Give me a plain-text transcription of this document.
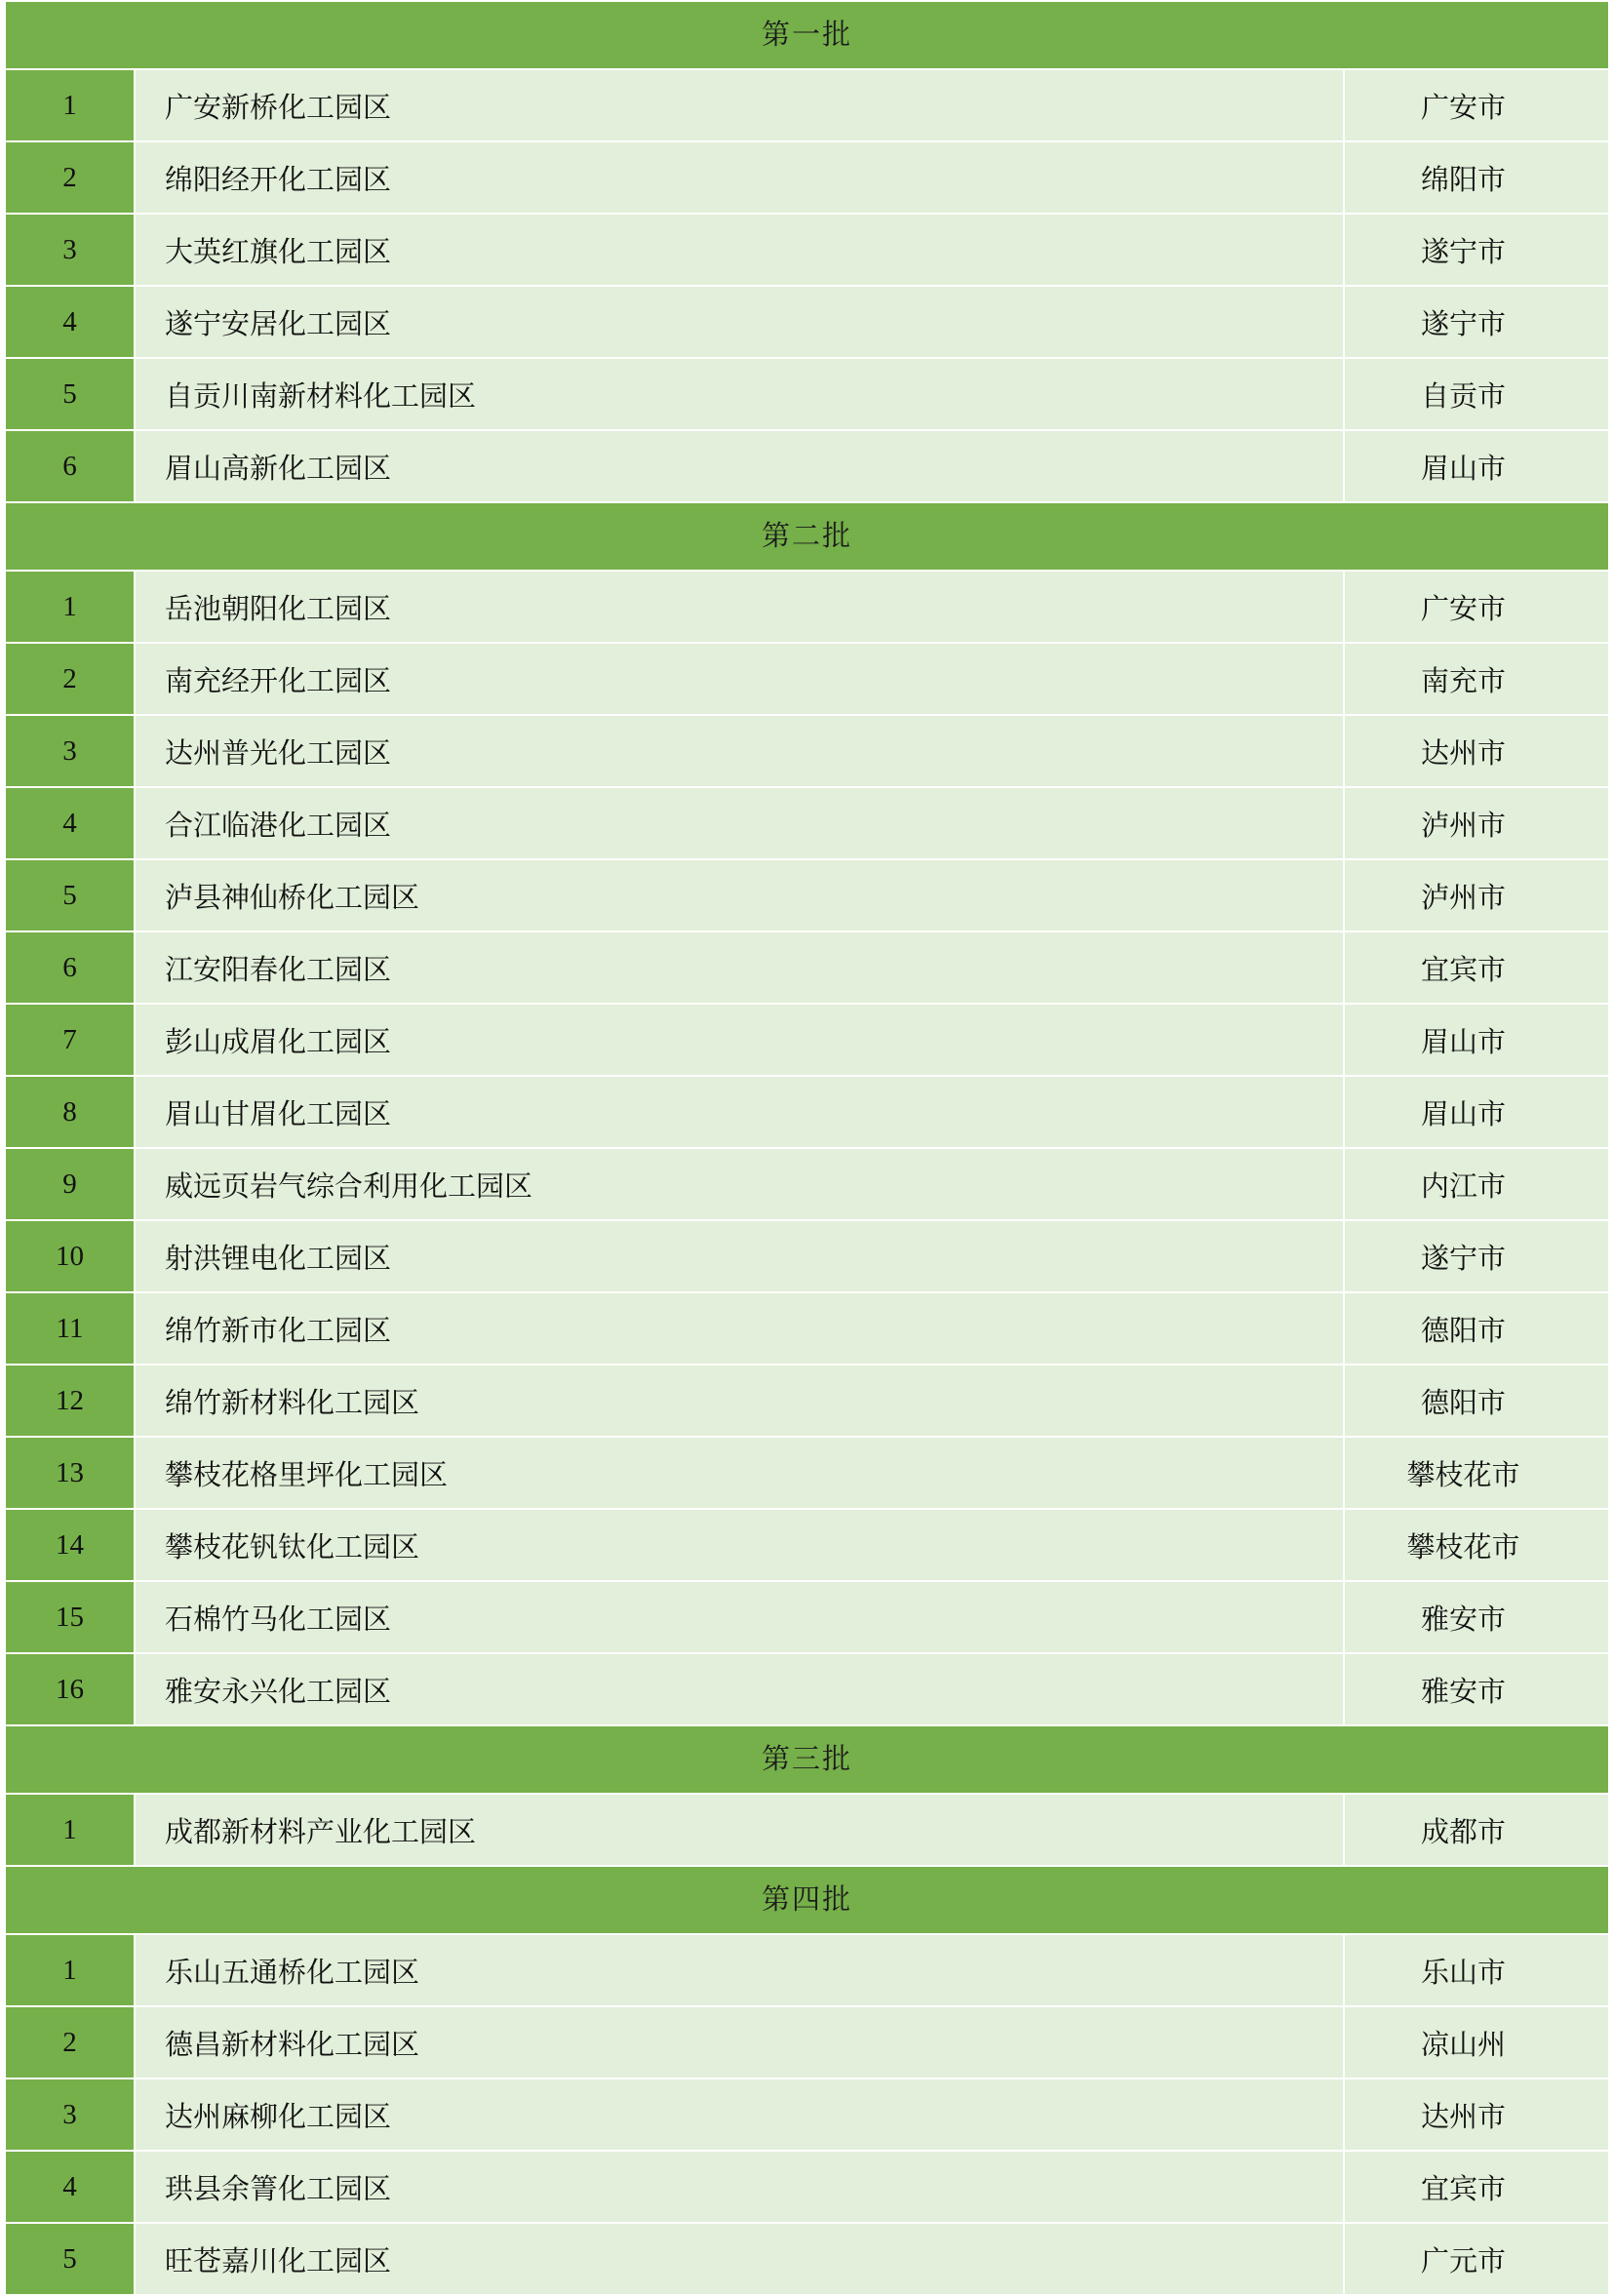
第一批		
1	广安新桥化工园区	广安市
2	绵阳经开化工园区	绵阳市
3	大英红旗化工园区	遂宁市
4	遂宁安居化工园区	遂宁市
5	自贡川南新材料化工园区	自贡市
6	眉山高新化工园区	眉山市
第二批		
1	岳池朝阳化工园区	广安市
2	南充经开化工园区	南充市
3	达州普光化工园区	达州市
4	合江临港化工园区	泸州市
5	泸县神仙桥化工园区	泸州市
6	江安阳春化工园区	宜宾市
7	彭山成眉化工园区	眉山市
8	眉山甘眉化工园区	眉山市
9	威远页岩气综合利用化工园区	内江市
10	射洪锂电化工园区	遂宁市
11	绵竹新市化工园区	德阳市
12	绵竹新材料化工园区	德阳市
13	攀枝花格里坪化工园区	攀枝花市
14	攀枝花钒钛化工园区	攀枝花市
15	石棉竹马化工园区	雅安市
16	雅安永兴化工园区	雅安市
第三批		
1	成都新材料产业化工园区	成都市
第四批		
1	乐山五通桥化工园区	乐山市
2	德昌新材料化工园区	凉山州
3	达州麻柳化工园区	达州市
4	珙县余箐化工园区	宜宾市
5	旺苍嘉川化工园区	广元市
